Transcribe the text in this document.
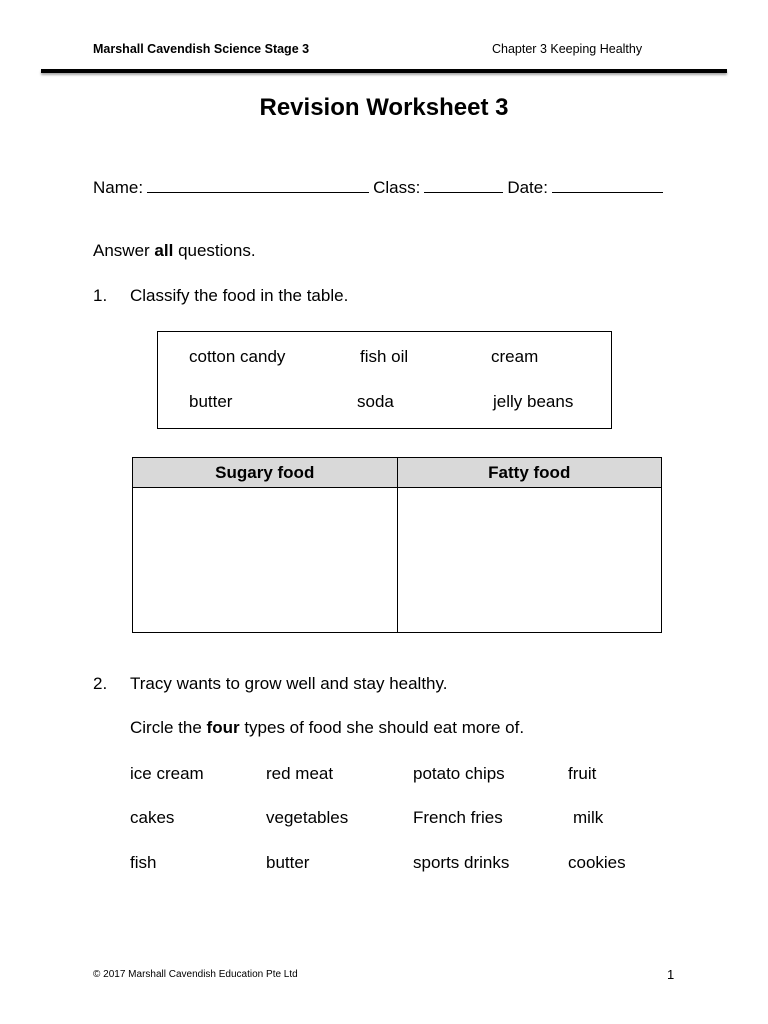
Marshall Cavendish Science Stage 3	Chapter 3 Keeping Healthy
Revision Worksheet 3
Name:	Class:	Date:
Answer all questions.
1. Classify the food in the table.
cotton candy	fish oil	cream
butter	soda	jelly beans
Sugary food	Fatty food

2. Tracy wants to grow well and stay healthy.
Circle the four types of food she should eat more of.
ice cream	red meat	potato chips	fruit
cakes	vegetables	French fries	milk
fish	butter	sports drinks	cookies
© 2017 Marshall Cavendish Education Pte Ltd	1
